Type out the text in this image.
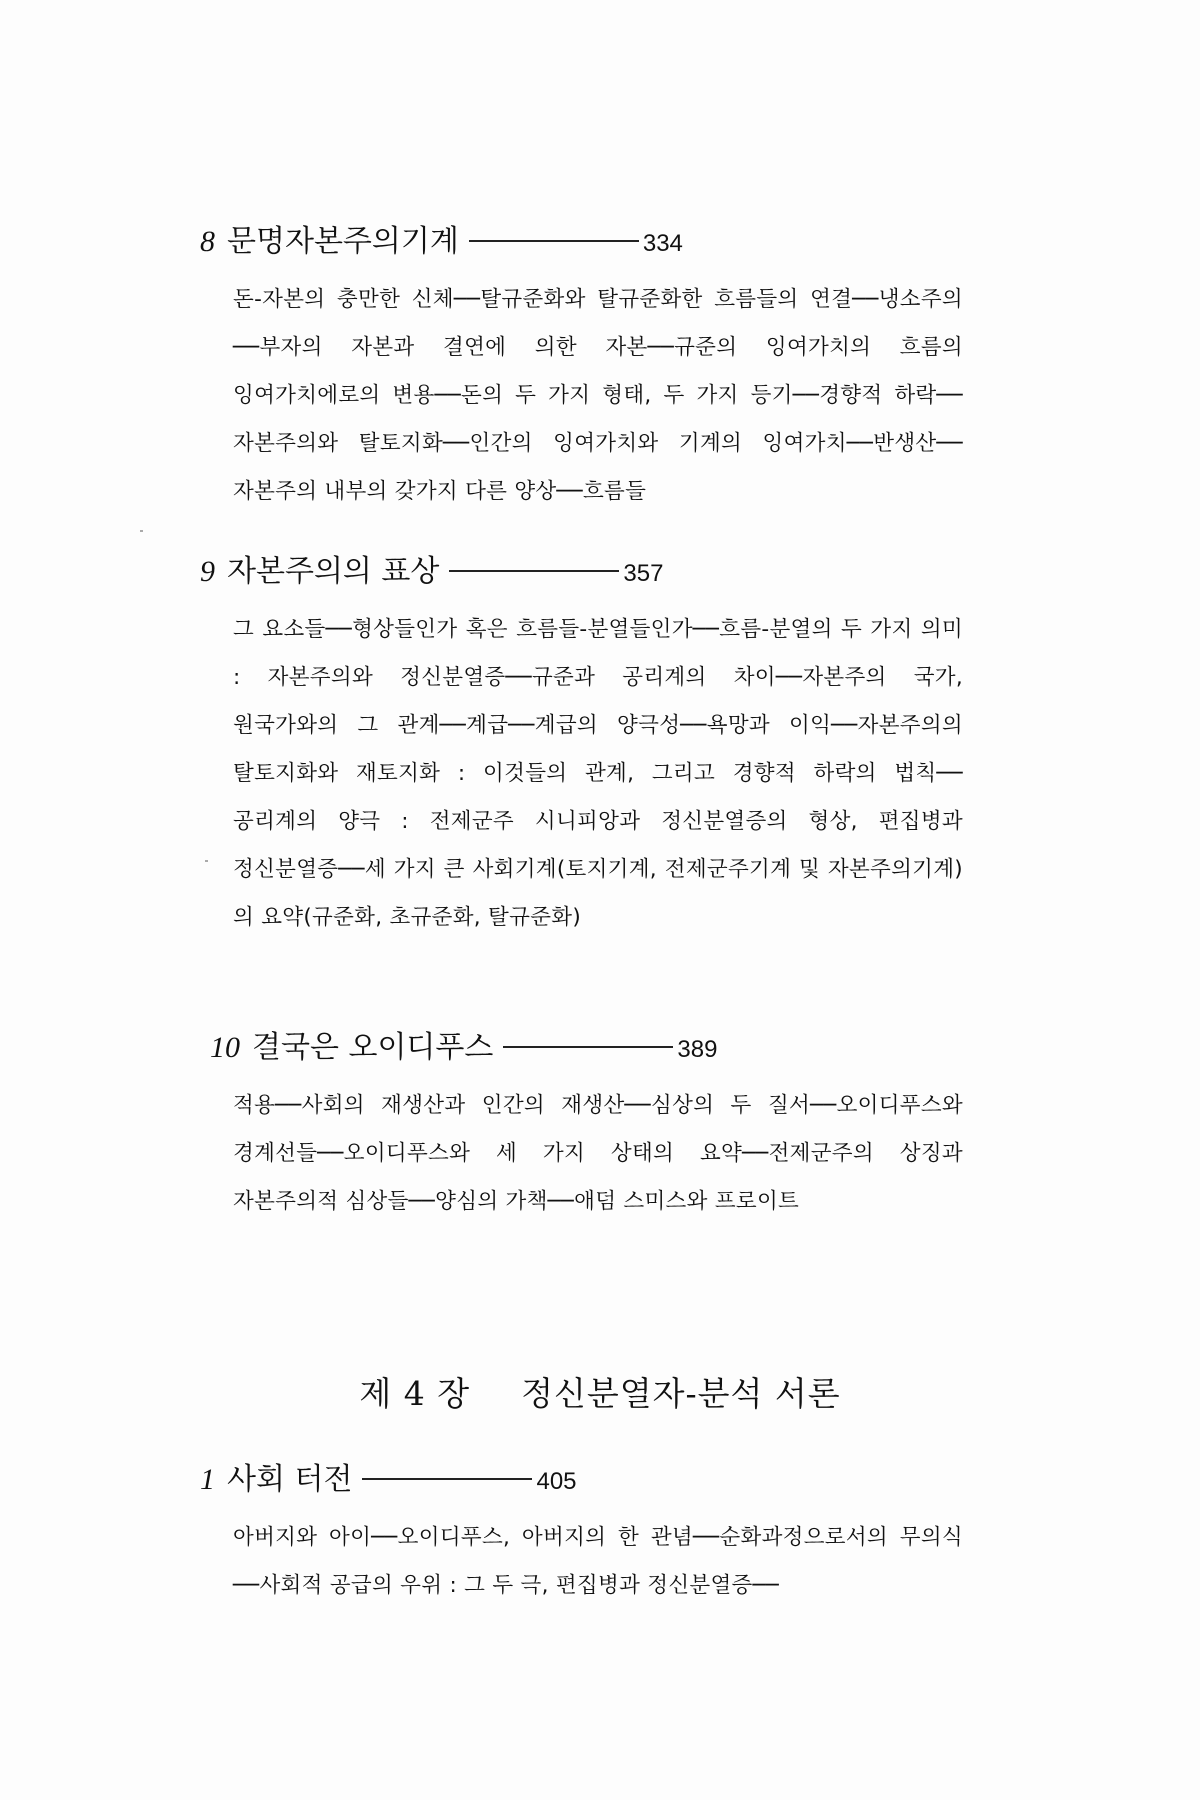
8 문명자본주의기계	334
돈-자본의 충만한 신체──탈규준화와 탈규준화한 흐름들의 연결──냉소주의──부자의 자본과 결연에 의한 자본──규준의 잉여가치의 흐름의 잉여가치에로의 변용──돈의 두 가지 형태, 두 가지 등기──경향적 하락──자본주의와 탈토지화──인간의 잉여가치와 기계의 잉여가치──반생산──자본주의 내부의 갖가지 다른 양상──흐름들
9 자본주의의 표상	357
그 요소들──형상들인가 혹은 흐름들-분열들인가──흐름-분열의 두 가지 의미 : 자본주의와 정신분열증──규준과 공리계의 차이──자본주의 국가, 원국가와의 그 관계──계급──계급의 양극성──욕망과 이익──자본주의의 탈토지화와 재토지화 : 이것들의 관계, 그리고 경향적 하락의 법칙──공리계의 양극 : 전제군주 시니피앙과 정신분열증의 형상, 편집병과 정신분열증──세 가지 큰 사회기계(토지기계, 전제군주기계 및 자본주의기계)의 요약(규준화, 초규준화, 탈규준화)
10 결국은 오이디푸스	389
적용──사회의 재생산과 인간의 재생산──심상의 두 질서──오이디푸스와 경계선들──오이디푸스와 세 가지 상태의 요약──전제군주의 상징과 자본주의적 심상들──양심의 가책──애덤 스미스와 프로이트
제 4 장 정신분열자-분석 서론
1 사회 터전	405
아버지와 아이──오이디푸스, 아버지의 한 관념──순화과정으로서의 무의식──사회적 공급의 우위 : 그 두 극, 편집병과 정신분열증──
